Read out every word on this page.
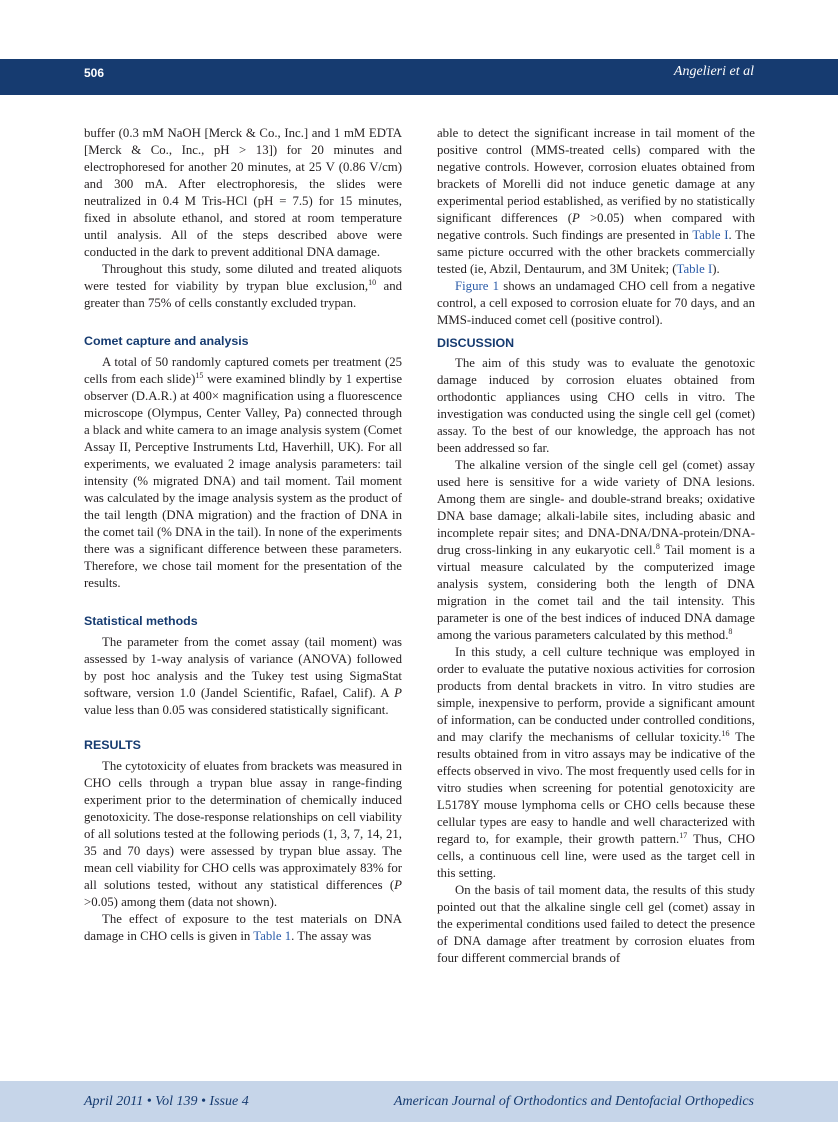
506	Angelieri et al

buffer (0.3 mM NaOH [Merck & Co., Inc.] and 1 mM EDTA [Merck & Co., Inc., pH > 13]) for 20 minutes and electrophoresed for another 20 minutes, at 25 V (0.86 V/cm) and 300 mA. After electrophoresis, the slides were neutralized in 0.4 M Tris-HCl (pH = 7.5) for 15 minutes, fixed in absolute ethanol, and stored at room temperature until analysis. All of the steps described above were conducted in the dark to prevent additional DNA damage.

Throughout this study, some diluted and treated aliquots were tested for viability by trypan blue exclusion,$^{10}$ and greater than 75% of cells constantly excluded trypan.

Comet capture and analysis

A total of 50 randomly captured comets per treatment (25 cells from each slide)$^{15}$ were examined blindly by 1 expertise observer (D.A.R.) at 400× magnification using a fluorescence microscope (Olympus, Center Valley, Pa) connected through a black and white camera to an image analysis system (Comet Assay II, Perceptive Instruments Ltd, Haverhill, UK). For all experiments, we evaluated 2 image analysis parameters: tail intensity (% migrated DNA) and tail moment. Tail moment was calculated by the image analysis system as the product of the tail length (DNA migration) and the fraction of DNA in the comet tail (% DNA in the tail). In none of the experiments there was a significant difference between these parameters. Therefore, we chose tail moment for the presentation of the results.

Statistical methods

The parameter from the comet assay (tail moment) was assessed by 1-way analysis of variance (ANOVA) followed by post hoc analysis and the Tukey test using SigmaStat software, version 1.0 (Jandel Scientific, Rafael, Calif). A P value less than 0.05 was considered statistically significant.

RESULTS

The cytotoxicity of eluates from brackets was measured in CHO cells through a trypan blue assay in range-finding experiment prior to the determination of chemically induced genotoxicity. The dose-response relationships on cell viability of all solutions tested at the following periods (1, 3, 7, 14, 21, 35 and 70 days) were assessed by trypan blue assay. The mean cell viability for CHO cells was approximately 83% for all solutions tested, without any statistical differences (P >0.05) among them (data not shown).

The effect of exposure to the test materials on DNA damage in CHO cells is given in Table 1. The assay was

able to detect the significant increase in tail moment of the positive control (MMS-treated cells) compared with the negative controls. However, corrosion eluates obtained from brackets of Morelli did not induce genetic damage at any experimental period established, as verified by no statistically significant differences (P >0.05) when compared with negative controls. Such findings are presented in Table I. The same picture occurred with the other brackets commercially tested (ie, Abzil, Dentaurum, and 3M Unitek; (Table I).

Figure 1 shows an undamaged CHO cell from a negative control, a cell exposed to corrosion eluate for 70 days, and an MMS-induced comet cell (positive control).

DISCUSSION

The aim of this study was to evaluate the genotoxic damage induced by corrosion eluates obtained from orthodontic appliances using CHO cells in vitro. The investigation was conducted using the single cell gel (comet) assay. To the best of our knowledge, the approach has not been addressed so far.

The alkaline version of the single cell gel (comet) assay used here is sensitive for a wide variety of DNA lesions. Among them are single- and double-strand breaks; oxidative DNA base damage; alkali-labile sites, including abasic and incomplete repair sites; and DNA-DNA/DNA-protein/DNA-drug cross-linking in any eukaryotic cell.$^8$ Tail moment is a virtual measure calculated by the computerized image analysis system, considering both the length of DNA migration in the comet tail and the tail intensity. This parameter is one of the best indices of induced DNA damage among the various parameters calculated by this method.$^8$

In this study, a cell culture technique was employed in order to evaluate the putative noxious activities for corrosion products from dental brackets in vitro. In vitro studies are simple, inexpensive to perform, provide a significant amount of information, can be conducted under controlled conditions, and may clarify the mechanisms of cellular toxicity.$^{16}$ The results obtained from in vitro assays may be indicative of the effects observed in vivo. The most frequently used cells for in vitro studies when screening for potential genotoxicity are L5178Y mouse lymphoma cells or CHO cells because these cellular types are easy to handle and well characterized with regard to, for example, their growth pattern.$^{17}$ Thus, CHO cells, a continuous cell line, were used as the target cell in this setting.

On the basis of tail moment data, the results of this study pointed out that the alkaline single cell gel (comet) assay in the experimental conditions used failed to detect the presence of DNA damage after treatment by corrosion eluates from four different commercial brands of

April 2011 • Vol 139 • Issue 4	American Journal of Orthodontics and Dentofacial Orthopedics
